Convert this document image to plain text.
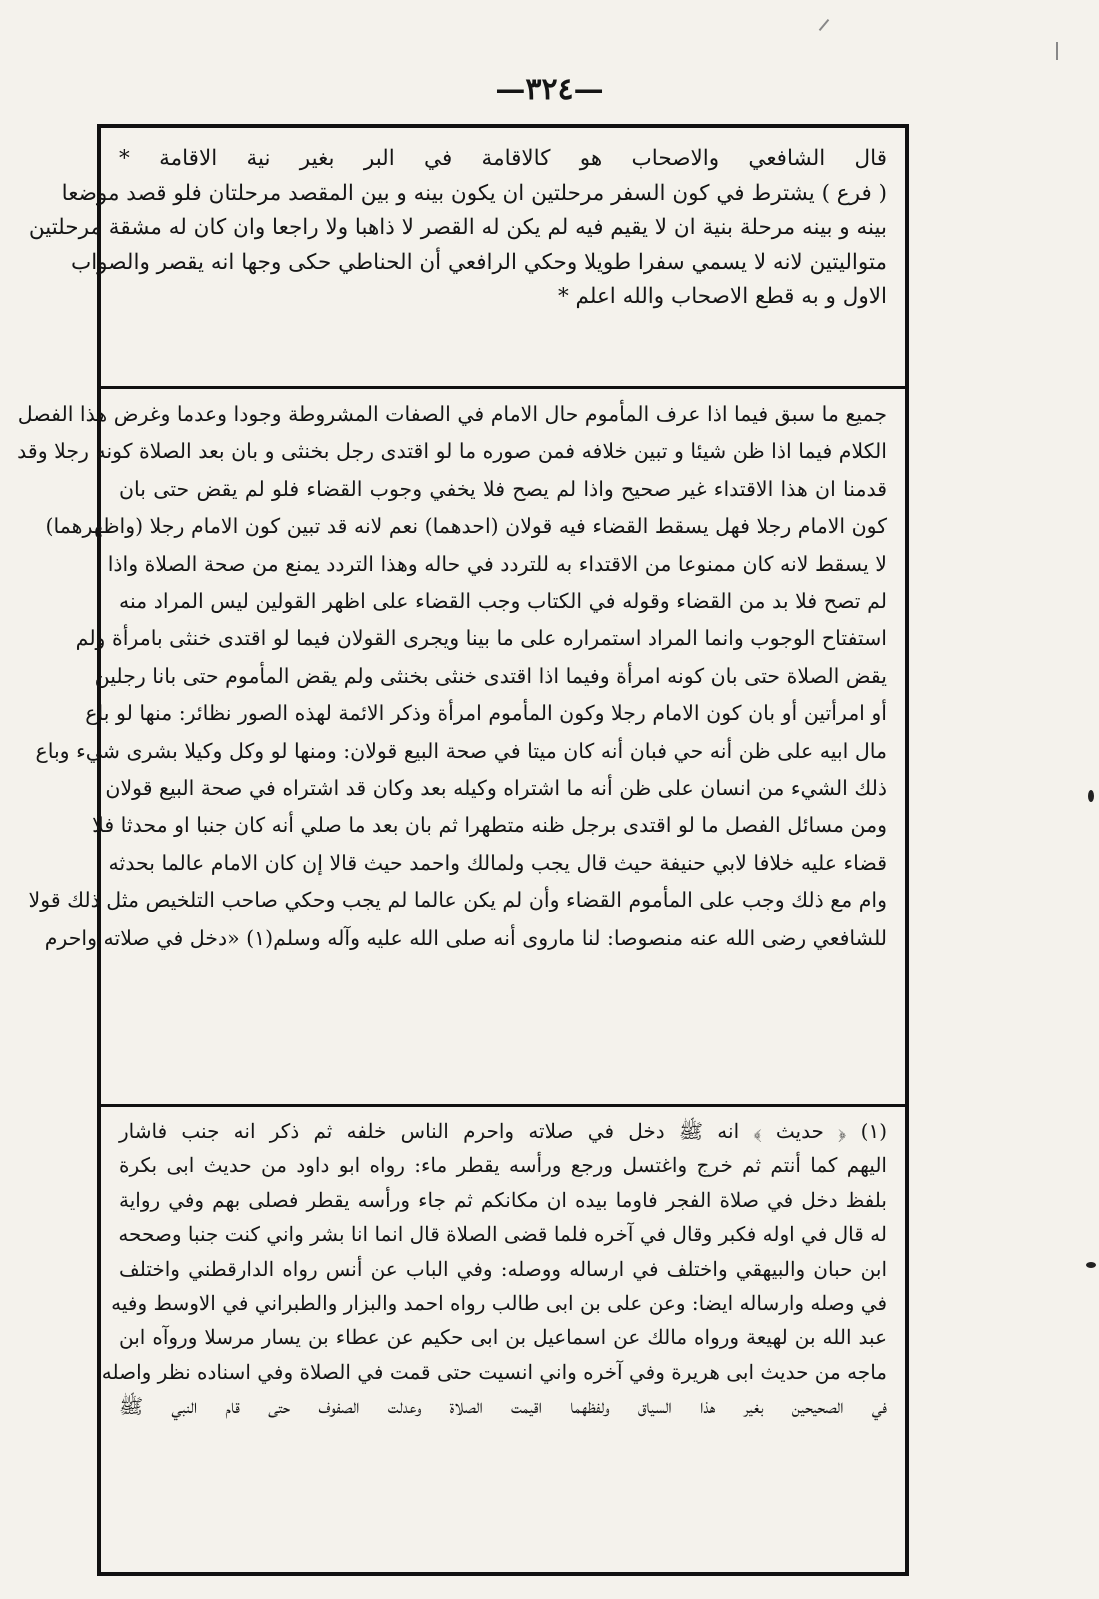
—٣٢٤—
قال الشافعي والاصحاب هو كالاقامة في البر بغير نية الاقامة *
( فرع ) يشترط في كون السفر مرحلتين ان يكون بينه و بين المقصد مرحلتان فلو قصد موضعا
بينه و بينه مرحلة بنية ان لا يقيم فيه لم يكن له القصر لا ذاهبا ولا راجعا وان كان له مشقة مرحلتين
متواليتين لانه لا يسمي سفرا طويلا وحكي الرافعي أن الحناطي حكى وجها انه يقصر والصواب
الاول و به قطع الاصحاب والله اعلم *
جميع ما سبق فيما اذا عرف المأموم حال الامام في الصفات المشروطة وجودا وعدما وغرض هذا الفصل
الكلام فيما اذا ظن شيئا و تبين خلافه فمن صوره ما لو اقتدى رجل بخنثى و بان بعد الصلاة كونه رجلا وقد
قدمنا ان هذا الاقتداء غير صحيح واذا لم يصح فلا يخفي وجوب القضاء فلو لم يقض حتى بان
كون الامام رجلا فهل يسقط القضاء فيه قولان (احدهما) نعم لانه قد تبين كون الامام رجلا (واظهرهما)
لا يسقط لانه كان ممنوعا من الاقتداء به للتردد في حاله وهذا التردد يمنع من صحة الصلاة واذا
لم تصح فلا بد من القضاء وقوله في الكتاب وجب القضاء على اظهر القولين ليس المراد منه
استفتاح الوجوب وانما المراد استمراره على ما بينا ويجرى القولان فيما لو اقتدى خنثى بامرأة ولم
يقض الصلاة حتى بان كونه امرأة وفيما اذا اقتدى خنثى بخنثى ولم يقض المأموم حتى بانا رجلين
أو امرأتين أو بان كون الامام رجلا وكون المأموم امرأة وذكر الائمة لهذه الصور نظائر: منها لو باع
مال ابيه على ظن أنه حي فبان أنه كان ميتا في صحة البيع قولان: ومنها لو وكل وكيلا بشرى شيء وباع
ذلك الشيء من انسان على ظن أنه ما اشتراه وكيله بعد وكان قد اشتراه في صحة البيع قولان
ومن مسائل الفصل ما لو اقتدى برجل ظنه متطهرا ثم بان بعد ما صلي أنه كان جنبا او محدثا فلا
قضاء عليه خلافا لابي حنيفة حيث قال يجب ولمالك واحمد حيث قالا إن كان الامام عالما بحدثه
وام مع ذلك وجب على المأموم القضاء وأن لم يكن عالما لم يجب وحكي صاحب التلخيص مثل ذلك قولا
للشافعي رضى الله عنه منصوصا: لنا ماروى أنه صلى الله عليه وآله وسلم(١) «دخل في صلاته واحرم
(١) ﴿ حديث ﴾ انه ﷺ دخل في صلاته واحرم الناس خلفه ثم ذكر انه جنب فاشار
اليهم كما أنتم ثم خرج واغتسل ورجع ورأسه يقطر ماء: رواه ابو داود من حديث ابى بكرة
بلفظ دخل في صلاة الفجر فاوما بيده ان مكانكم ثم جاء ورأسه يقطر فصلى بهم وفي رواية
له قال في اوله فكبر وقال في آخره فلما قضى الصلاة قال انما انا بشر واني كنت جنبا وصححه
ابن حبان والبيهقي واختلف في ارساله ووصله: وفي الباب عن أنس رواه الدارقطني واختلف
في وصله وارساله ايضا: وعن على بن ابى طالب رواه احمد والبزار والطبراني في الاوسط وفيه
عبد الله بن لهيعة ورواه مالك عن اسماعيل بن ابى حكيم عن عطاء بن يسار مرسلا وروآه ابن
ماجه من حديث ابى هريرة وفي آخره واني انسيت حتى قمت في الصلاة وفي اسناده نظر واصله
في الصحيحين بغير هذا السياق ولفظهما اقيمت الصلاة وعدلت الصفوف حتى قام النبي ﷺ
